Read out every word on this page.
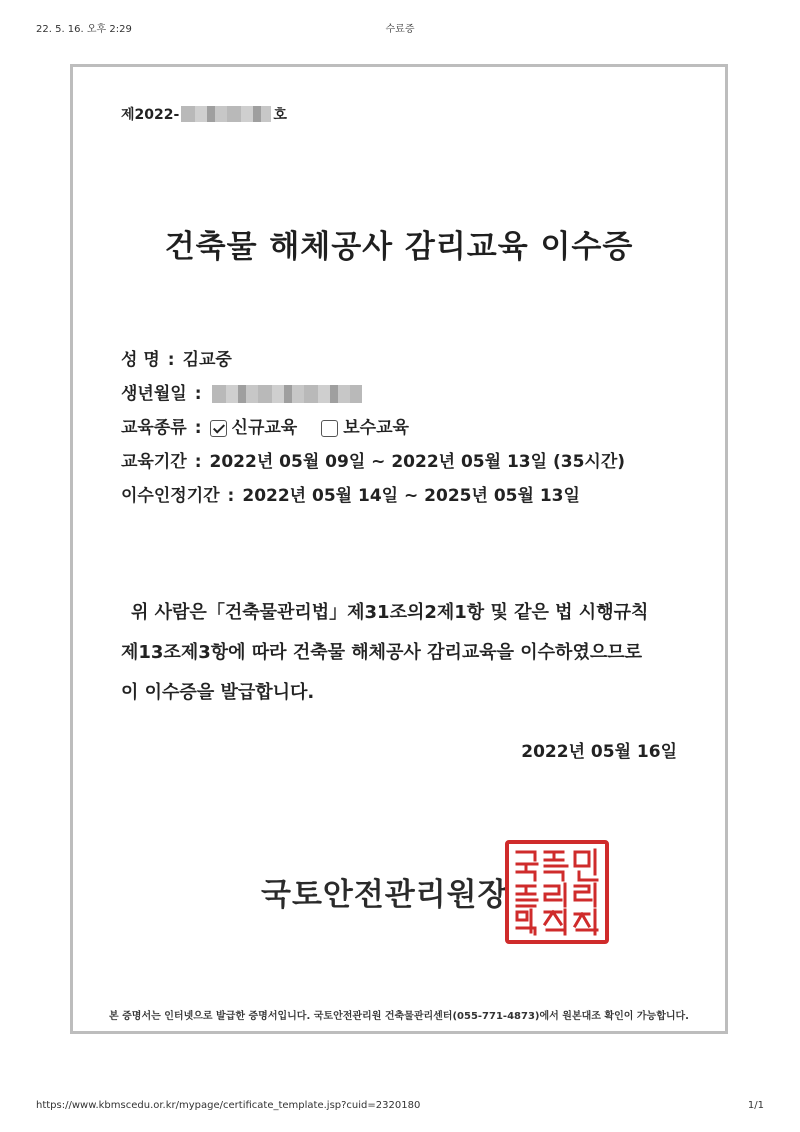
22. 5. 16. 오후 2:29	수료증
제2022-	호
건축물 해체공사 감리교육 이수증
성 명 : 김교중
생년월일 :
교육종류 : 신규교육	보수교육
교육기간 : 2022년 05월 09일 ~ 2022년 05월 13일 (35시간)
이수인정기간 : 2022년 05월 14일 ~ 2025년 05월 13일

위 사람은「건축물관리법」제31조의2제1항 및 같은 법 시행규칙

제13조제3항에 따라 건축물 해체공사 감리교육을 이수하였으므로

이 이수증을 발급합니다.

2022년 05월 16일
국토안전관리원장
본 증명서는 인터넷으로 발급한 증명서입니다. 국토안전관리원 건축물관리센터(055-771-4873)에서 원본대조 확인이 가능합니다.
https://www.kbmscedu.or.kr/mypage/certificate_template.jsp?cuid=2320180	1/1
